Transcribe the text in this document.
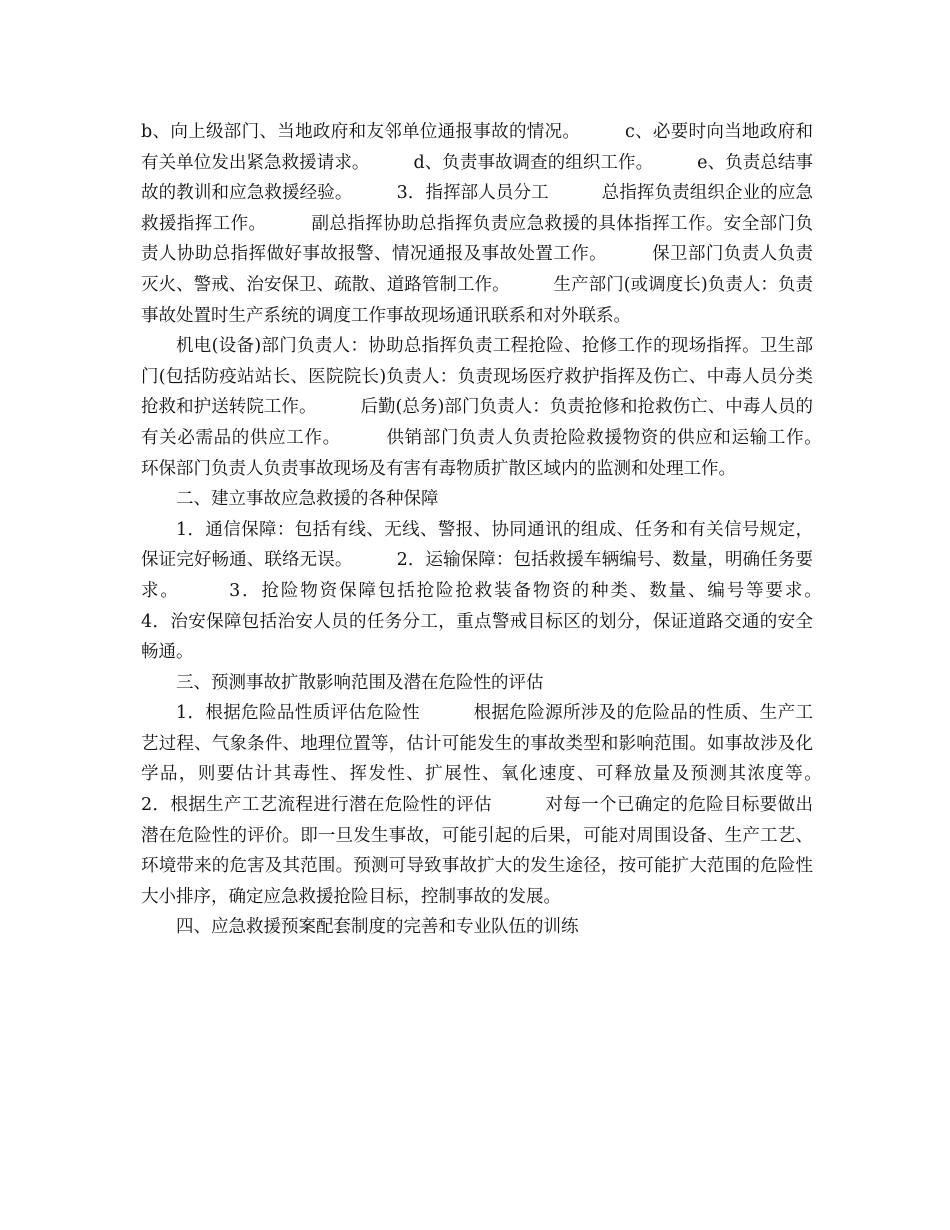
b、向上级部门、当地政府和友邻单位通报事故的情况。　　　c、必要时向当地政府和有关单位发出紧急救援请求。　　　d、负责事故调查的组织工作。　　　e、负责总结事故的教训和应急救援经验。　　　3．指挥部人员分工　　　总指挥负责组织企业的应急救援指挥工作。　　　副总指挥协助总指挥负责应急救援的具体指挥工作。安全部门负责人协助总指挥做好事故报警、情况通报及事故处置工作。　　　保卫部门负责人负责灭火、警戒、治安保卫、疏散、道路管制工作。　　　生产部门(或调度长)负责人：负责事故处置时生产系统的调度工作事故现场通讯联系和对外联系。

机电(设备)部门负责人：协助总指挥负责工程抢险、抢修工作的现场指挥。卫生部门(包括防疫站站长、医院院长)负责人：负责现场医疗救护指挥及伤亡、中毒人员分类抢救和护送转院工作。　　　后勤(总务)部门负责人：负责抢修和抢救伤亡、中毒人员的有关必需品的供应工作。　　　供销部门负责人负责抢险救援物资的供应和运输工作。　　　环保部门负责人负责事故现场及有害有毒物质扩散区域内的监测和处理工作。

二、建立事故应急救援的各种保障

1．通信保障：包括有线、无线、警报、协同通讯的组成、任务和有关信号规定，保证完好畅通、联络无误。　　　2．运输保障：包括救援车辆编号、数量，明确任务要求。　　　3．抢险物资保障包括抢险抢救装备物资的种类、数量、编号等要求。　　　4．治安保障包括治安人员的任务分工，重点警戒目标区的划分，保证道路交通的安全畅通。

三、预测事故扩散影响范围及潜在危险性的评估

1．根据危险品性质评估危险性　　　根据危险源所涉及的危险品的性质、生产工艺过程、气象条件、地理位置等，估计可能发生的事故类型和影响范围。如事故涉及化学品，则要估计其毒性、挥发性、扩展性、氧化速度、可释放量及预测其浓度等。　　　2．根据生产工艺流程进行潜在危险性的评估　　　对每一个已确定的危险目标要做出潜在危险性的评价。即一旦发生事故，可能引起的后果，可能对周围设备、生产工艺、环境带来的危害及其范围。预测可导致事故扩大的发生途径，按可能扩大范围的危险性大小排序，确定应急救援抢险目标，控制事故的发展。

四、应急救援预案配套制度的完善和专业队伍的训练
